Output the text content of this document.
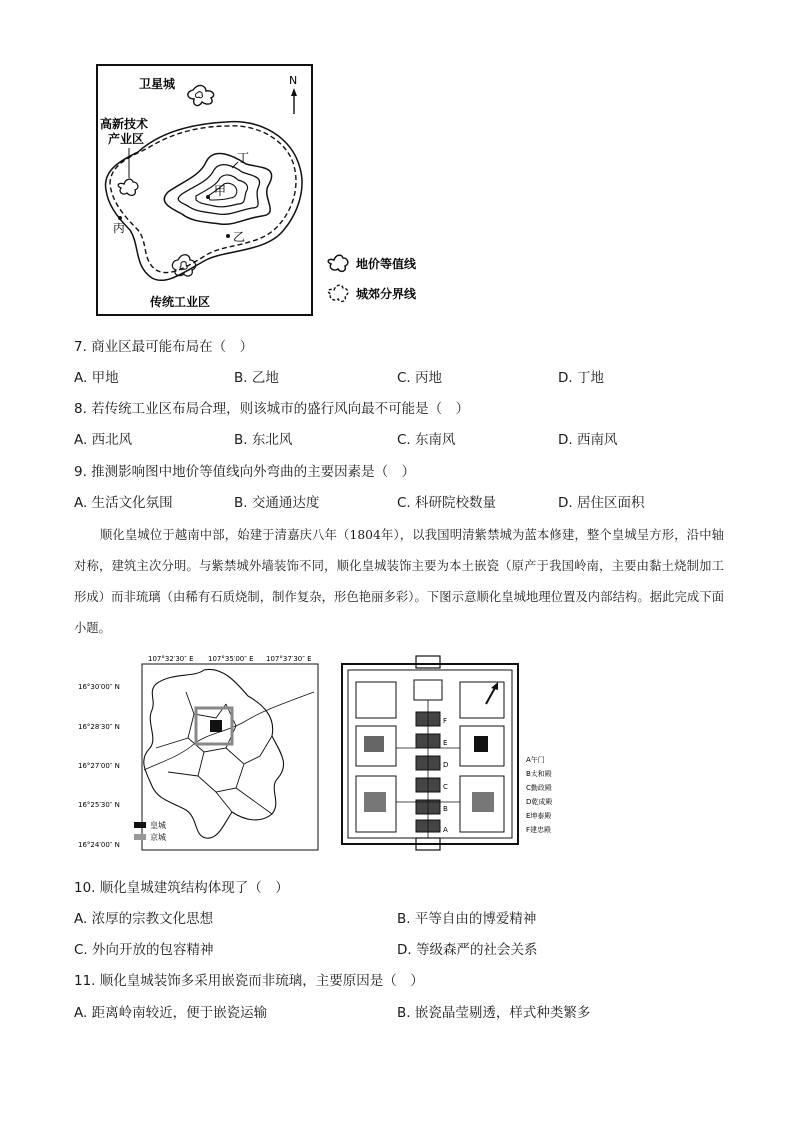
N
卫星城
甲
乙
丙
丁
高新技术
产业区
传统工业区
地价等值线
城郊分界线
7. 商业区最可能布局在（　）
A. 甲地	B. 乙地	C. 丙地	D. 丁地
8. 若传统工业区布局合理，则该城市的盛行风向最不可能是（　）
A. 西北风	B. 东北风	C. 东南风	D. 西南风
9. 推测影响图中地价等值线向外弯曲的主要因素是（　）
A. 生活文化氛围	B. 交通通达度	C. 科研院校数量	D. 居住区面积

顺化皇城位于越南中部，始建于清嘉庆八年（1804年），以我国明清紫禁城为蓝本修建，整个皇城呈方形，沿中轴对称，建筑主次分明。与紫禁城外墙装饰不同，顺化皇城装饰主要为本土嵌瓷（原产于我国岭南，主要由黏土烧制加工形成）而非琉璃（由稀有石质烧制，制作复杂，形色艳丽多彩）。下图示意顺化皇城地理位置及内部结构。据此完成下面小题。

107°32′30″ E 107°35′00″ E 107°37′30″ E
16°30′00″ N
16°28′30″ N
16°27′00″ N
16°25′30″ N
16°24′00″ N
皇城
京城
A
B
C
D
E
F
A午门
B太和殿
C勤政殿
D乾成殿
E坤泰殿
F建忠殿
10. 顺化皇城建筑结构体现了（　）
A. 浓厚的宗教文化思想	B. 平等自由的博爱精神
C. 外向开放的包容精神	D. 等级森严的社会关系
11. 顺化皇城装饰多采用嵌瓷而非琉璃，主要原因是（　）
A. 距离岭南较近，便于嵌瓷运输	B. 嵌瓷晶莹剔透，样式种类繁多
